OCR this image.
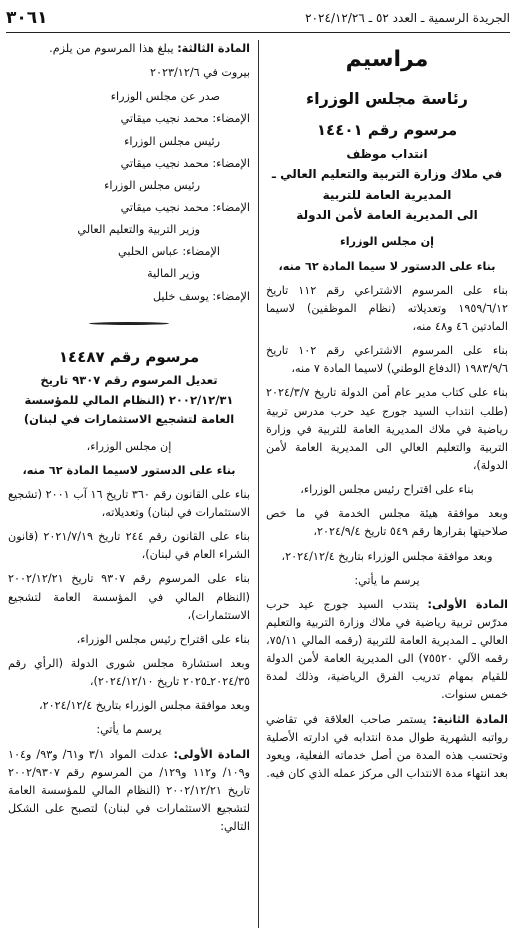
الجريدة الرسمية ـ العدد ٥٢ ـ ٢٠٢٤/١٢/٢٦
٣٠٦١
مراسيم
رئاسة مجلس الوزراء
مرسوم رقم ١٤٤٠١
انتداب موظف
في ملاك وزارة التربية والتعليم العالي ـ
المديرية العامة للتربية
الى المديرية العامة لأمن الدولة

إن مجلس الوزراء

بناء على الدستور لا سيما المادة ٦٢ منه،

بناء على المرسوم الاشتراعي رقم ١١٢ تاريخ ١٩٥٩/٦/١٢ وتعديلاته (نظام الموظفين) لاسيما المادتين ٤٦ و٤٨ منه،

بناء على المرسوم الاشتراعي رقم ١٠٢ تاريخ ١٩٨٣/٩/٦ (الدفاع الوطني) لاسيما المادة ٧ منه،

بناء على كتاب مدير عام أمن الدولة تاريخ ٢٠٢٤/٣/٧ (طلب انتداب السيد جورج عيد حرب مدرس تربية رياضية في ملاك المديرية العامة للتربية في وزارة التربية والتعليم العالي الى المديرية العامة لأمن الدولة)،

بناء على اقتراح رئيس مجلس الوزراء،

وبعد موافقة هيئة مجلس الخدمة في ما خص صلاحيتها بقرارها رقم ٥٤٩ تاريخ ٢٠٢٤/٩/٤،

وبعد موافقة مجلس الوزراء بتاريخ ٢٠٢٤/١٢/٤،

يرسم ما يأتي:

المادة الأولى: ينتدب السيد جورج عيد حرب مدرّس تربية رياضية في ملاك وزارة التربية والتعليم العالي ـ المديرية العامة للتربية (رقمه المالي ٧٥/١١، رقمه الآلي ٧٥٥٢٠) الى المديرية العامة لأمن الدولة للقيام بمهام تدريب الفرق الرياضية، وذلك لمدة خمس سنوات.

المادة الثانية: يستمر صاحب العلاقة في تقاضي رواتبه الشهرية طوال مدة انتدابه في ادارته الأصلية وتحتسب هذه المدة من أصل خدماته الفعلية، ويعود بعد انتهاء مدة الانتداب الى مركز عمله الذي كان فيه.

المادة الثالثة: يبلغ هذا المرسوم من يلزم.

بيروت في ٢٠٢٣/١٢/٦

صدر عن مجلس الوزراء
الإمضاء: محمد نجيب ميقاتي
رئيس مجلس الوزراء
الإمضاء: محمد نجيب ميقاتي
رئيس مجلس الوزراء
الإمضاء: محمد نجيب ميقاتي
وزير التربية والتعليم العالي
الإمضاء: عباس الحلبي
وزير المالية
الإمضاء: يوسف خليل
مرسوم رقم ١٤٤٨٧
تعديل المرسوم رقم ٩٣٠٧ تاريخ ٢٠٠٢/١٢/٣١ (النظام المالي للمؤسسة العامة لتشجيع الاستثمارات في لبنان)

إن مجلس الوزراء،

بناء على الدستور لاسيما المادة ٦٢ منه،

بناء على القانون رقم ٣٦٠ تاريخ ١٦ آب ٢٠٠١ (تشجيع الاستثمارات في لبنان) وتعديلاته،

بناء على القانون رقم ٢٤٤ تاريخ ٢٠٢١/٧/١٩ (قانون الشراء العام في لبنان)،

بناء على المرسوم رقم ٩٣٠٧ تاريخ ٢٠٠٢/١٢/٢١ (النظام المالي في المؤسسة العامة لتشجيع الاستثمارات)،

بناء على اقتراح رئيس مجلس الوزراء،

وبعد استشارة مجلس شورى الدولة (الرأي رقم ٢٠٢٤/٣٥ـ٢٠٢٥ تاريخ ٢٠٢٤/١٢/١٠)،

وبعد موافقة مجلس الوزراء بتاريخ ٢٠٢٤/١٢/٤،

يرسم ما يأتي:

المادة الأولى: عدلت المواد ٣/١ و٦١/ و٩٣/ و١٠٤ و١٠٩/ و١١٢ و١٢٩/ من المرسوم رقم ٢٠٠٢/٩٣٠٧ تاريخ ٢٠٠٢/١٢/٢١ (النظام المالي للمؤسسة العامة لتشجيع الاستثمارات في لبنان) لتصبح على الشكل التالي:
